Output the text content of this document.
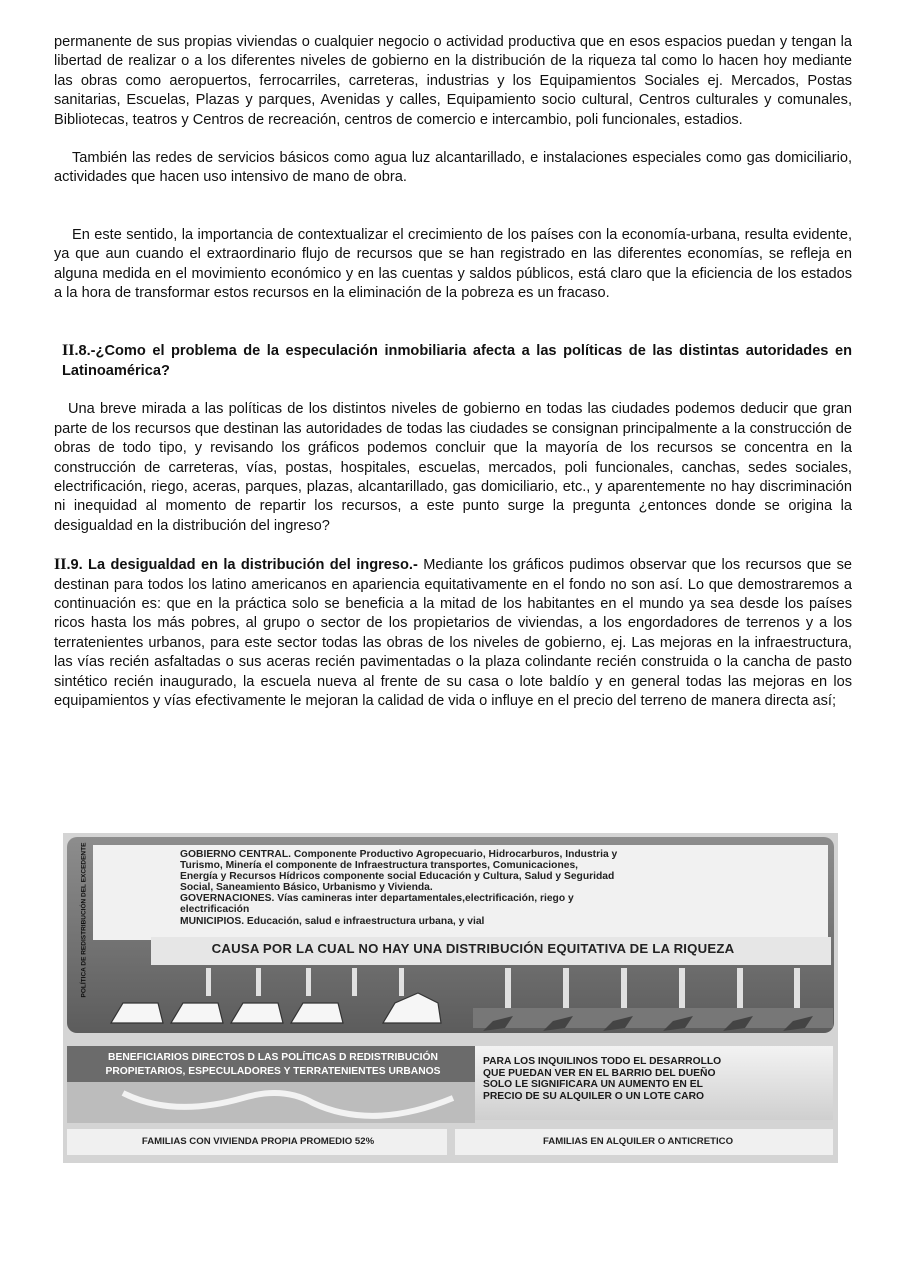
permanente de sus propias viviendas o cualquier negocio o actividad productiva que en esos espacios puedan y tengan la libertad de realizar o a los diferentes niveles de gobierno en la distribución de la riqueza tal como lo hacen hoy mediante las obras como aeropuertos, ferrocarriles, carreteras, industrias y los Equipamientos Sociales ej. Mercados, Postas sanitarias, Escuelas, Plazas y parques, Avenidas y calles, Equipamiento socio cultural, Centros culturales y comunales, Bibliotecas, teatros y Centros de recreación, centros de comercio e intercambio, poli funcionales, estadios.

También las redes de servicios básicos como agua luz alcantarillado, e instalaciones especiales como gas domiciliario, actividades que hacen uso intensivo de mano de obra.

En este sentido, la importancia de contextualizar el crecimiento de los países con la economía-urbana, resulta evidente, ya que aun cuando el extraordinario flujo de recursos que se han registrado en las diferentes economías, se refleja en alguna medida en el movimiento económico y en las cuentas y saldos públicos, está claro que la eficiencia de los estados a la hora de transformar estos recursos en la eliminación de la pobreza es un fracaso.

II.8.-¿Como el problema de la especulación inmobiliaria afecta a las políticas de las distintas autoridades en Latinoamérica?

Una breve mirada a las políticas de los distintos niveles de gobierno en todas las ciudades podemos deducir que gran parte de los recursos que destinan las autoridades de todas las ciudades se consignan principalmente a la construcción de obras de todo tipo, y revisando los gráficos podemos concluir que la mayoría de los recursos se concentra en la construcción de carreteras, vías, postas, hospitales, escuelas, mercados, poli funcionales, canchas, sedes sociales, electrificación, riego, aceras, parques, plazas, alcantarillado, gas domiciliario, etc., y aparentemente no hay discriminación ni inequidad al momento de repartir los recursos, a este punto surge la pregunta ¿entonces donde se origina la desigualdad en la distribución del ingreso?

II.9. La desigualdad en la distribución del ingreso.- Mediante los gráficos pudimos observar que los recursos que se destinan para todos los latino americanos en apariencia equitativamente en el fondo no son así. Lo que demostraremos a continuación es: que en la práctica solo se beneficia a la mitad de los habitantes en el mundo ya sea desde los países ricos hasta los más pobres, al grupo o sector de los propietarios de viviendas, a los engordadores de terrenos y a los terratenientes urbanos, para este sector todas las obras de los niveles de gobierno, ej. Las mejoras en la infraestructura, las vías recién asfaltadas o sus aceras recién pavimentadas o la plaza colindante recién construida o la cancha de pasto sintético recién inaugurado, la escuela nueva al frente de su casa o lote baldío y en general todas las mejoras en los equipamientos y vías efectivamente le mejoran la calidad de vida o influye en el precio del terreno de manera directa así;

POLÍTICA DE REDISTRIBUCIÓN DEL EXCEDENTE	GOBIERNO CENTRAL. Componente Productivo Agropecuario, Hidrocarburos, Industria y
Turismo, Minería el componente de Infraestructura transportes, Comunicaciones,
Energía y Recursos Hídricos componente social Educación y Cultura, Salud y Seguridad
Social, Saneamiento Básico, Urbanismo y Vivienda.
GOVERNACIONES. Vías camineras inter departamentales,electrificación, riego y
electrificación
MUNICIPIOS. Educación, salud e infraestructura urbana, y vial
CAUSA POR LA CUAL NO HAY UNA DISTRIBUCIÓN EQUITATIVA DE LA RIQUEZA
BENEFICIARIOS DIRECTOS D LAS POLÍTICAS D REDISTRIBUCIÓN
PROPIETARIOS, ESPECULADORES Y TERRATENIENTES URBANOS
PARA LOS INQUILINOS TODO EL DESARROLLO
QUE PUEDAN VER EN EL BARRIO DEL DUEÑO
SOLO LE SIGNIFICARA UN AUMENTO EN EL
PRECIO DE SU ALQUILER O UN LOTE CARO
FAMILIAS CON VIVIENDA PROPIA PROMEDIO 52%	FAMILIAS EN ALQUILER O ANTICRETICO
